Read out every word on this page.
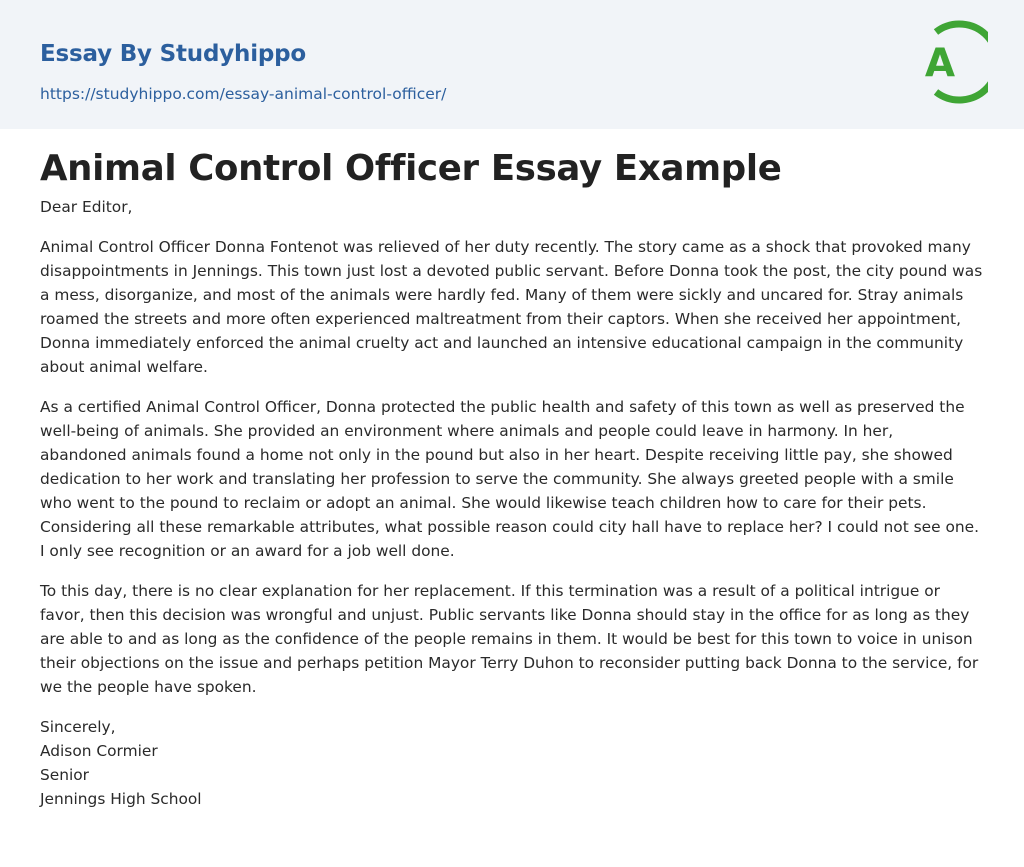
Essay By Studyhippo
https://studyhippo.com/essay-animal-control-officer/
A
Animal Control Officer Essay Example

Dear Editor,

Animal Control Officer Donna Fontenot was relieved of her duty recently. The story came as a shock that provoked many disappointments in Jennings. This town just lost a devoted public servant. Before Donna took the post, the city pound was a mess, disorganize, and most of the animals were hardly fed. Many of them were sickly and uncared for. Stray animals roamed the streets and more often experienced maltreatment from their captors. When she received her appointment, Donna immediately enforced the animal cruelty act and launched an intensive educational campaign in the community about animal welfare.

As a certified Animal Control Officer, Donna protected the public health and safety of this town as well as preserved the well-being of animals. She provided an environment where animals and people could leave in harmony. In her, abandoned animals found a home not only in the pound but also in her heart. Despite receiving little pay, she showed dedication to her work and translating her profession to serve the community. She always greeted people with a smile who went to the pound to reclaim or adopt an animal. She would likewise teach children how to care for their pets. Considering all these remarkable attributes, what possible reason could city hall have to replace her? I could not see one. I only see recognition or an award for a job well done.

To this day, there is no clear explanation for her replacement. If this termination was a result of a political intrigue or favor, then this decision was wrongful and unjust. Public servants like Donna should stay in the office for as long as they are able to and as long as the confidence of the people remains in them. It would be best for this town to voice in unison their objections on the issue and perhaps petition Mayor Terry Duhon to reconsider putting back Donna to the service, for we the people have spoken.

Sincerely,

Adison Cormier

Senior

Jennings High School
